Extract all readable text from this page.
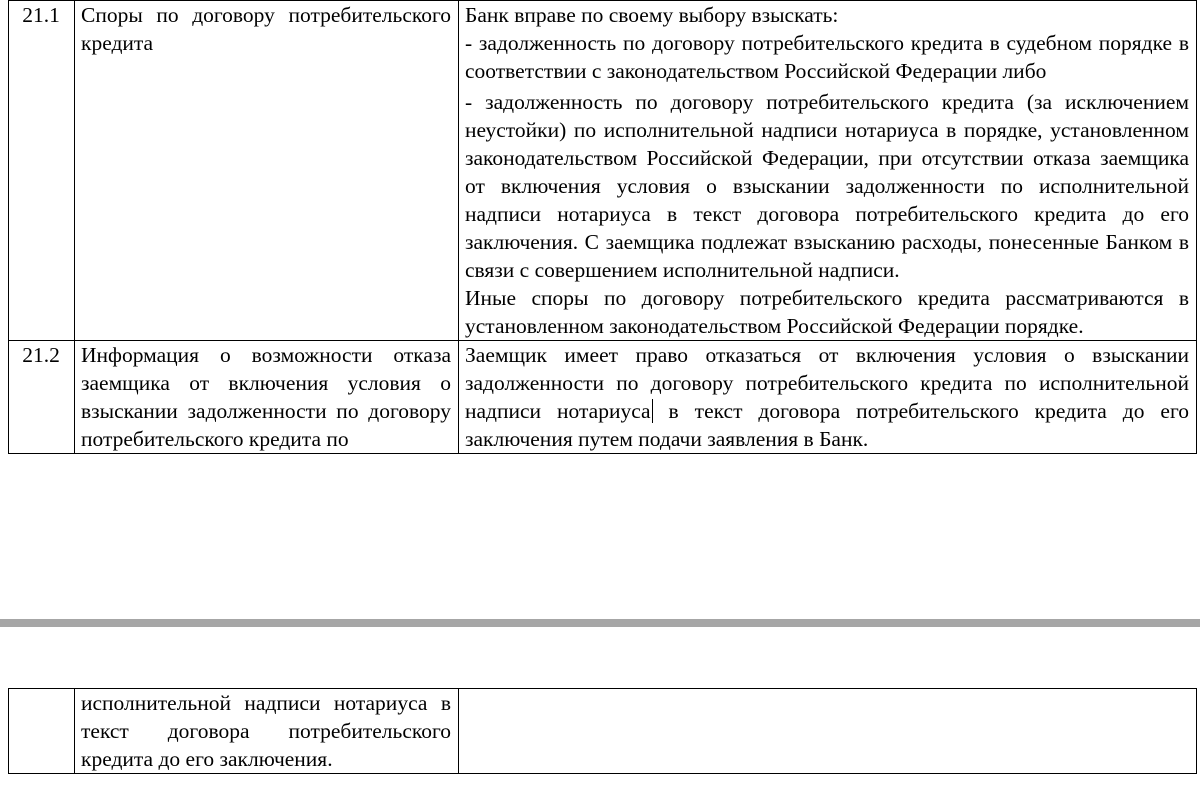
21.1	Споры по договору потребительского кредита	Банк вправе по своему выбору взыскать:
- задолженность по договору потребительского кредита в судебном порядке в соответствии с законодательством Российской Федерации либо
- задолженность по договору потребительского кредита (за исключением неустойки) по исполнительной надписи нотариуса в порядке, установленном законодательством Российской Федерации, при отсутствии отказа заемщика от включения условия о взыскании задолженности по исполнительной надписи нотариуса в текст договора потребительского кредита до его заключения. С заемщика подлежат взысканию расходы, понесенные Банком в связи с совершением исполнительной надписи.
Иные споры по договору потребительского кредита рассматриваются в установленном законодательством Российской Федерации порядке.

21.2	Информация о возможности отказа заемщика от включения условия о взыскании задолженности по договору потребительского кредита по	Заемщик имеет право отказаться от включения условия о взыскании задолженности по договору потребительского кредита по исполнительной надписи нотариуса в текст договора потребительского кредита до его заключения путем подачи заявления в Банк.
	исполнительной надписи нотариуса в текст договора потребительского кредита до его заключения.	
